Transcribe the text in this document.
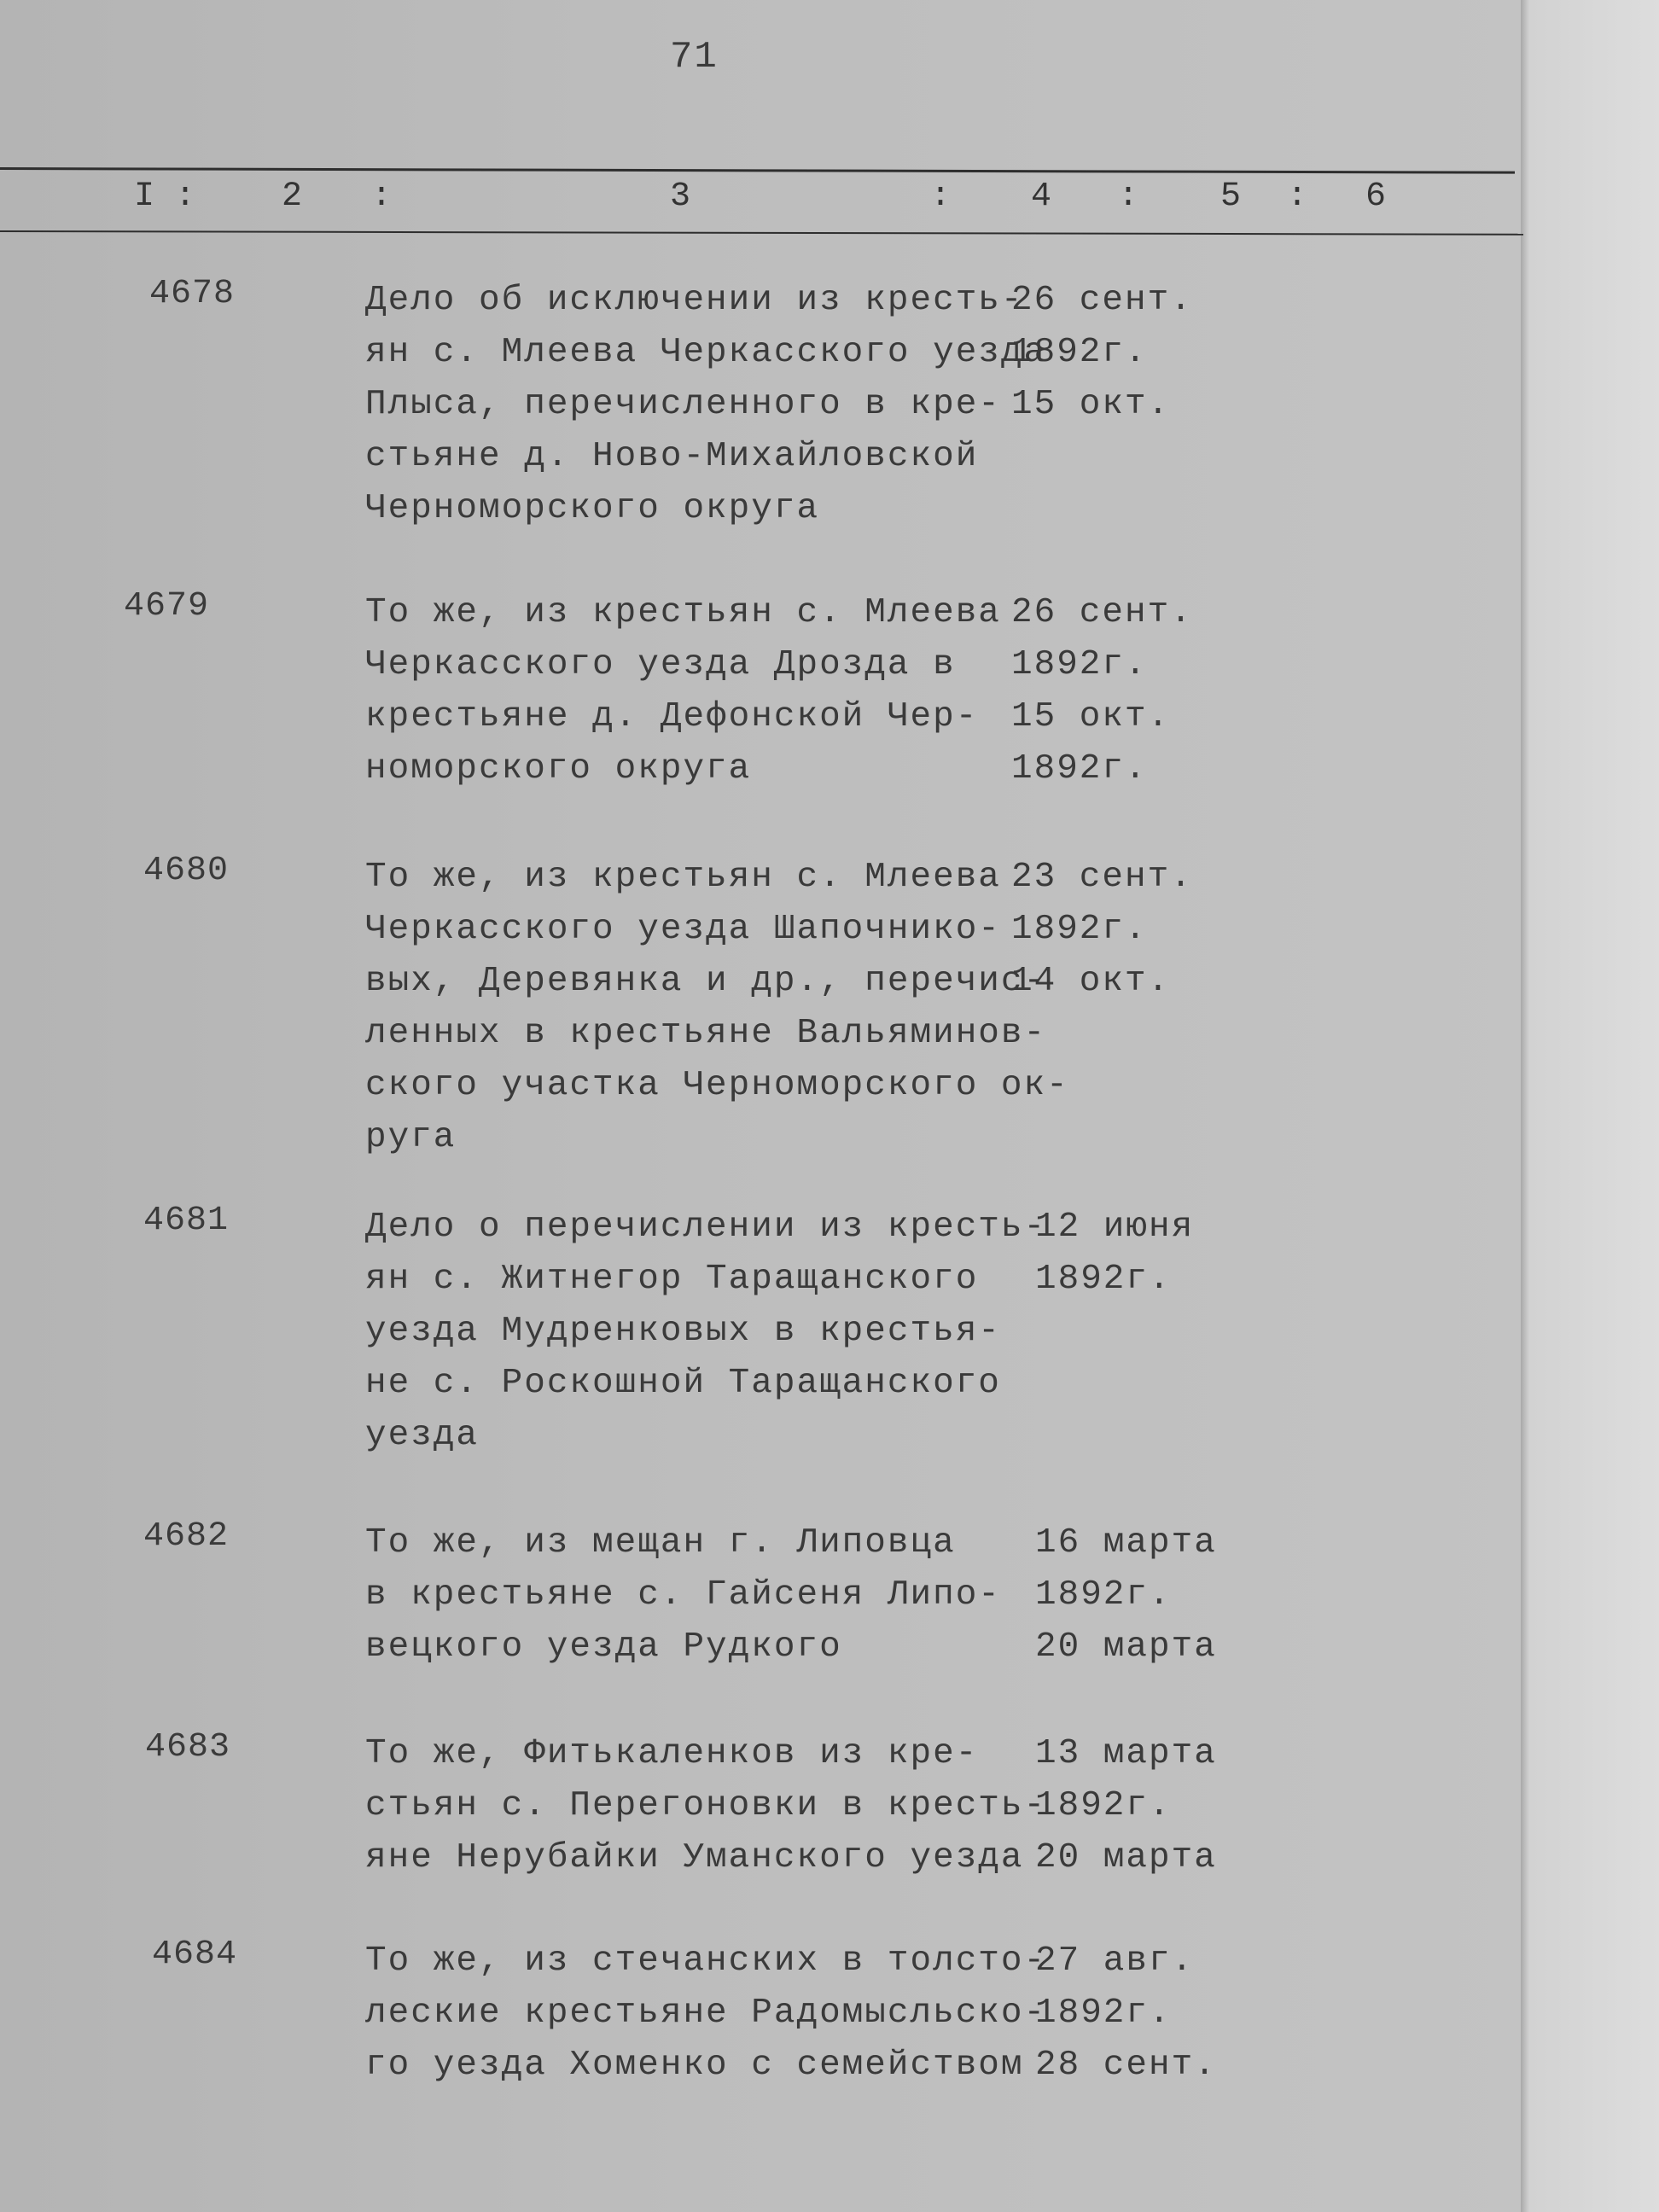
71
I :	2 :	3	: 4 : 5 : 6
4678	Дело об исключении из кресть-
ян с. Млеева Черкасского уезда
Плыса, перечисленного в кре-
стьяне д. Ново-Михайловской
Черноморского округа
26 сент.
1892г.
15 окт.
4679	То же, из крестьян с. Млеева
Черкасского уезда Дрозда в
крестьяне д. Дефонской Чер-
номорского округа
26 сент.
1892г.
15 окт.
1892г.
4680	То же, из крестьян с. Млеева
Черкасского уезда Шапочнико-
вых, Деревянка и др., перечис-
ленных в крестьяне Вальяминов-
ского участка Черноморского ок-
руга
23 сент.
1892г.
14 окт.
4681	Дело о перечислении из кресть-
ян с. Житнегор Таращанского
уезда Мудренковых в крестья-
не с. Роскошной Таращанского
уезда
12 июня
1892г.
4682	То же, из мещан г. Липовца
в крестьяне с. Гайсеня Липо-
вецкого уезда Рудкого
16 марта
1892г.
20 марта
4683	То же, Фитькаленков из кре-
стьян с. Перегоновки в кресть-
яне Нерубайки Уманского уезда
13 марта
1892г.
20 марта
4684	То же, из стечанских в толсто-
леские крестьяне Радомысльско-
го уезда Хоменко с семейством
27 авг.
1892г.
28 сент.
